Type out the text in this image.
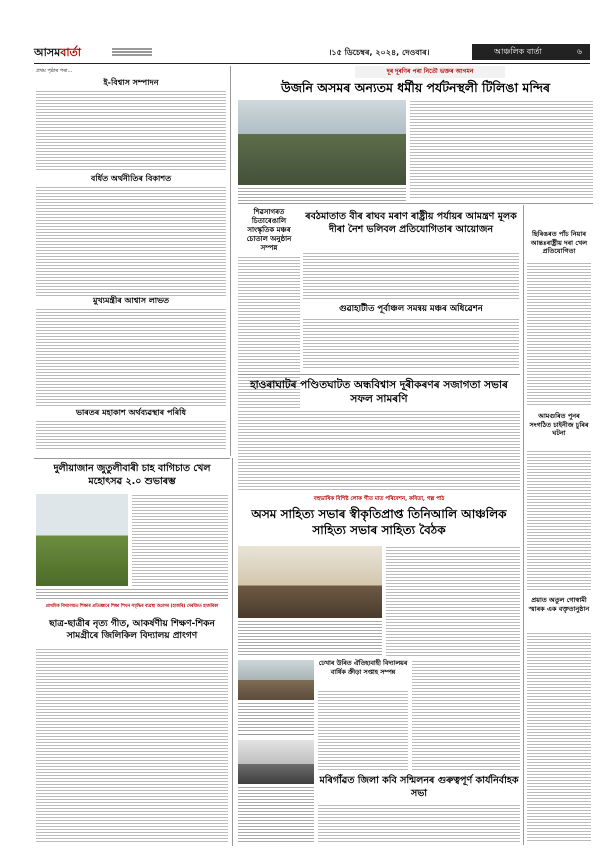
আসমবাৰ্তা	।১৫ ডিচেম্বৰ, ২০২৪, দেওবাৰ।	আঞ্চলিক বাৰ্তা	৬
প্ৰথম পৃষ্ঠাৰ পৰা...
ই-বিশ্বাস সম্পাদন
বৰ্ধিত অৰ্থনীতিৰ বিকাশত
মুখ্যমন্ত্ৰীৰ আশ্বাস লাভত
ভাৰতৰ মহাকাশ অৰ্থব্যৱস্থাৰ পৰিধি
দূৰ দূৰণিৰ পৰা নিতৌ ভক্তৰ আগমন
উজনি অসমৰ অন্যতম ধৰ্মীয় পৰ্যটনস্থলী টিলিঙা মন্দিৰ
শিৱসাগৰত চিতাৰেঙালি সাংস্কৃতিক মঞ্চৰ চোতাল অনুষ্ঠান সম্পন্ন
ৰবঠমাতাত বীৰ ৰাঘব মৰাণ ৰাষ্ট্ৰীয় পৰ্যায়ৰ আমন্ত্ৰণ মূলক দীৰা নৈশ ভলিবল প্ৰতিযোগিতাৰ আয়োজন
গুৱাহাটীত পূৰ্বাঞ্চল সমন্বয় মঞ্চৰ অধিৱেশন
ছিৰিঙৰত পাঁচ নিয়াৰ আন্তঃৰাষ্ট্ৰীয় দৰা খেল প্ৰতিযোগিতা
আমগুৰিত পুনৰ সংগঠিত চাইনীজ চুৰিৰ ঘটনা
প্ৰয়াত অতুল গোস্বামী স্মাৰক এক বক্তৃতানুষ্ঠান
হাওৰাঘাটৰ পণ্ডিতঘাটত অন্ধবিশ্বাস দূৰীকৰণৰ সজাগতা সভাৰ সফল সামৰণি
দুলীয়াজান জুতুলীবাৰী চাহ বাগিচাত খেল মহোৎসৱ ২.০ শুভাৰম্ভ
প্ৰাথমিক বিদ্যালয়ত শিক্ষাৰ প্ৰতিজ্ঞাৰে শিক্ষা শিখন সমৃদ্ধিৰ ব্যৱস্থা অগ্ৰসৰ (হাজৰি) দেৰজিত হাজৰিকা
ছাত্ৰ-ছাত্ৰীৰ নৃত্য গীত, আকৰ্ষণীয় শিক্ষণ-শিকন সামগ্ৰীৰে জিলিকিল বিদ্যালয় প্ৰাংগণ
বহুভাষিক বিশিষ্ট লোক গীত মাত পৰিবেশন, কবিতা, গল্প পাঠ
অসম সাহিত্য সভাৰ স্বীকৃতিপ্ৰাপ্ত তিনিআলি আঞ্চলিক সাহিত্য সভাৰ সাহিত্য বৈঠক
ঢেখাৰ উৰিত ঐতিহ্যবাহী বিদ্যালয়ৰ বাৰ্ষিক ক্ৰীড়া সপ্তাহ সম্পন্ন
মৰিগাঁৱত জিলা কবি সন্মিলনৰ গুৰুত্বপূৰ্ণ কাৰ্যনিৰ্বাহক সভা
